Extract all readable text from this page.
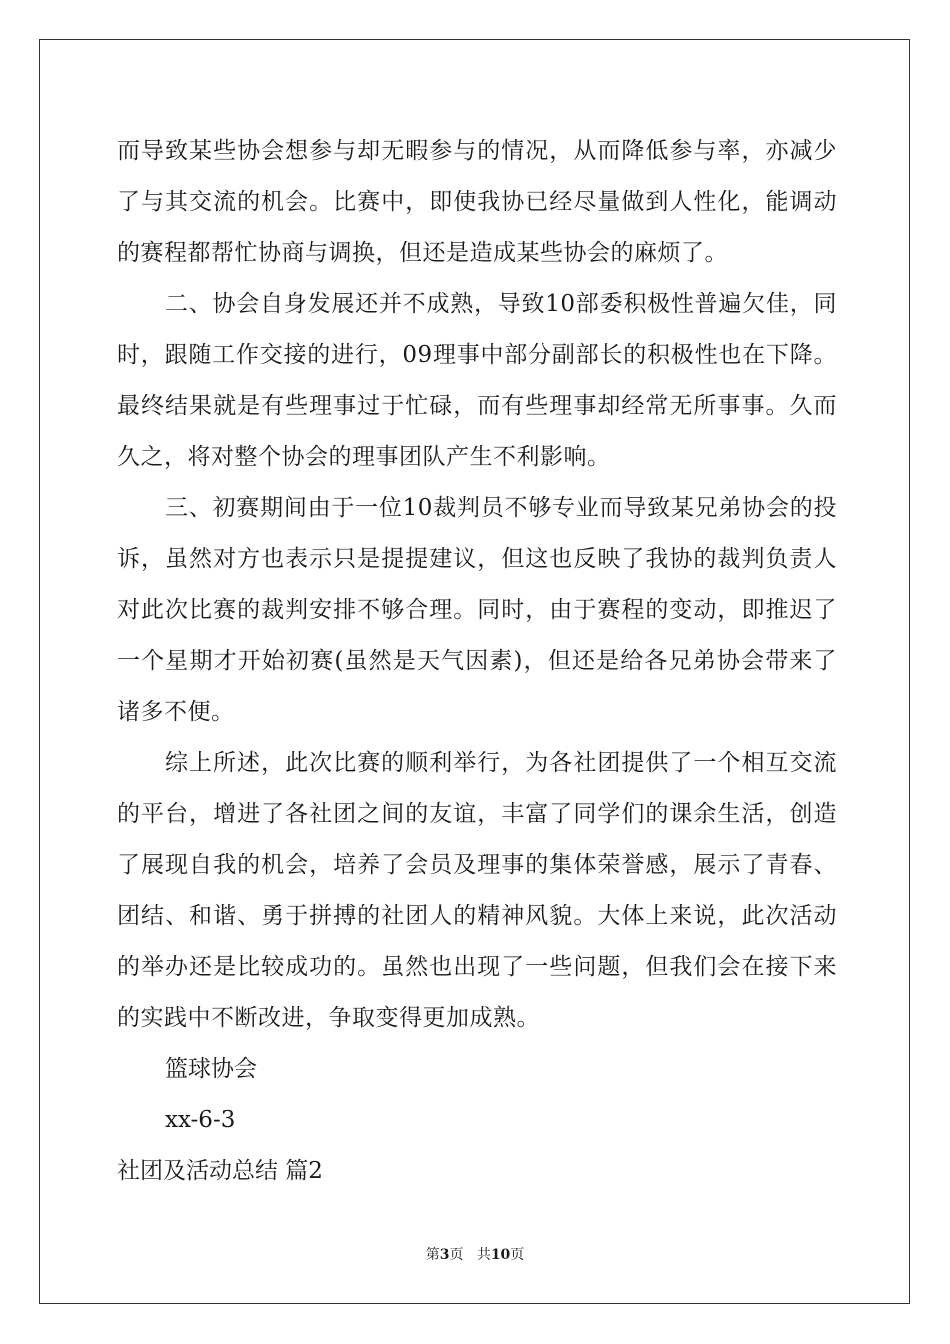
而导致某些协会想参与却无暇参与的情况，从而降低参与率，亦减少了与其交流的机会。比赛中，即使我协已经尽量做到人性化，能调动的赛程都帮忙协商与调换，但还是造成某些协会的麻烦了。

二、协会自身发展还并不成熟，导致10部委积极性普遍欠佳，同时，跟随工作交接的进行，09理事中部分副部长的积极性也在下降。最终结果就是有些理事过于忙碌，而有些理事却经常无所事事。久而久之，将对整个协会的理事团队产生不利影响。

三、初赛期间由于一位10裁判员不够专业而导致某兄弟协会的投诉，虽然对方也表示只是提提建议，但这也反映了我协的裁判负责人对此次比赛的裁判安排不够合理。同时，由于赛程的变动，即推迟了一个星期才开始初赛(虽然是天气因素)，但还是给各兄弟协会带来了诸多不便。

综上所述，此次比赛的顺利举行，为各社团提供了一个相互交流的平台，增进了各社团之间的友谊，丰富了同学们的课余生活，创造了展现自我的机会，培养了会员及理事的集体荣誉感，展示了青春、团结、和谐、勇于拼搏的社团人的精神风貌。大体上来说，此次活动的举办还是比较成功的。虽然也出现了一些问题，但我们会在接下来的实践中不断改进，争取变得更加成熟。

篮球协会

xx-6-3

社团及活动总结 篇2

第3页 共10页
